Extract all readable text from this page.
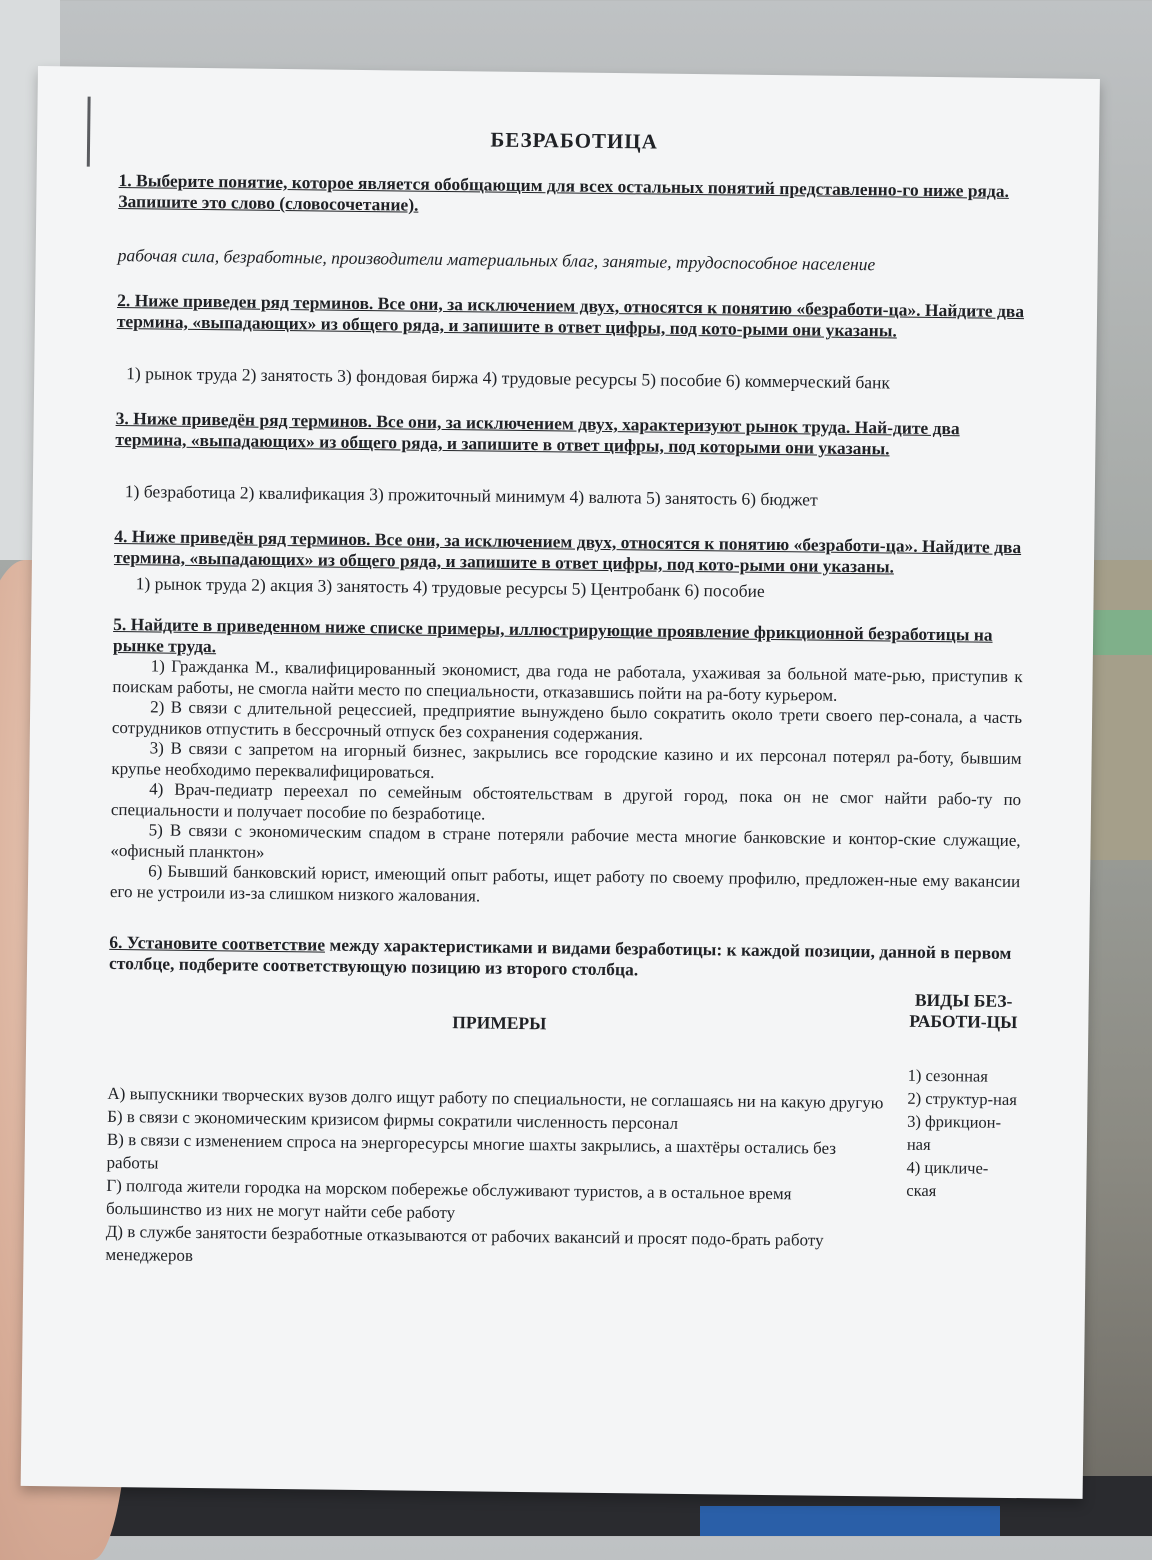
БЕЗРАБОТИЦА

1. Выберите понятие, которое является обобщающим для всех остальных понятий представленно-го ниже ряда. Запишите это слово (словосочетание).

рабочая сила, безработные, производители материальных благ, занятые, трудоспособное население

2. Ниже приведен ряд терминов. Все они, за исключением двух, относятся к понятию «безработи-ца». Найдите два термина, «выпадающих» из общего ряда, и запишите в ответ цифры, под кото-рыми они указаны.

1) рынок труда 2) занятость 3) фондовая биржа 4) трудовые ресурсы 5) пособие 6) коммерческий банк

3. Ниже приведён ряд терминов. Все они, за исключением двух, характеризуют рынок труда. Най-дите два термина, «выпадающих» из общего ряда, и запишите в ответ цифры, под которыми они указаны.

1) безработица 2) квалификация 3) прожиточный минимум 4) валюта 5) занятость 6) бюджет

4. Ниже приведён ряд терминов. Все они, за исключением двух, относятся к понятию «безработи-ца». Найдите два термина, «выпадающих» из общего ряда, и запишите в ответ цифры, под кото-рыми они указаны.

1) рынок труда 2) акция 3) занятость 4) трудовые ресурсы 5) Центробанк 6) пособие

5. Найдите в приведенном ниже списке примеры, иллюстрирующие проявление фрикционной безработицы на рынке труда.

1) Гражданка М., квалифицированный экономист, два года не работала, ухаживая за больной мате-рью, приступив к поискам работы, не смогла найти место по специальности, отказавшись пойти на ра-боту курьером.

2) В связи с длительной рецессией, предприятие вынуждено было сократить около трети своего пер-сонала, а часть сотрудников отпустить в бессрочный отпуск без сохранения содержания.

3) В связи с запретом на игорный бизнес, закрылись все городские казино и их персонал потерял ра-боту, бывшим крупье необходимо переквалифицироваться.

4) Врач-педиатр переехал по семейным обстоятельствам в другой город, пока он не смог найти рабо-ту по специальности и получает пособие по безработице.

5) В связи с экономическим спадом в стране потеряли рабочие места многие банковские и контор-ские служащие, «офисный планктон»

6) Бывший банковский юрист, имеющий опыт работы, ищет работу по своему профилю, предложен-ные ему вакансии его не устроили из-за слишком низкого жалования.

6. Установите соответствие между характеристиками и видами безработицы: к каждой позиции, данной в первом столбце, подберите соответствующую позицию из второго столбца.

ПРИМЕРЫ

А) выпускники творческих вузов долго ищут работу по специальности, не соглашаясь ни на какую другую

Б) в связи с экономическим кризисом фирмы сократили численность персонал

В) в связи с изменением спроса на энергоресурсы многие шахты закрылись, а шахтёры остались без работы

Г) полгода жители городка на морском побережье обслуживают туристов, а в остальное время большинство из них не могут найти себе работу

Д) в службе занятости безработные отказываются от рабочих вакансий и просят подо-брать работу менеджеров

ВИДЫ БЕЗ-РАБОТИ-ЦЫ

1) сезонная

2) структур-ная

3) фрикцион-ная

4) цикличе-ская
